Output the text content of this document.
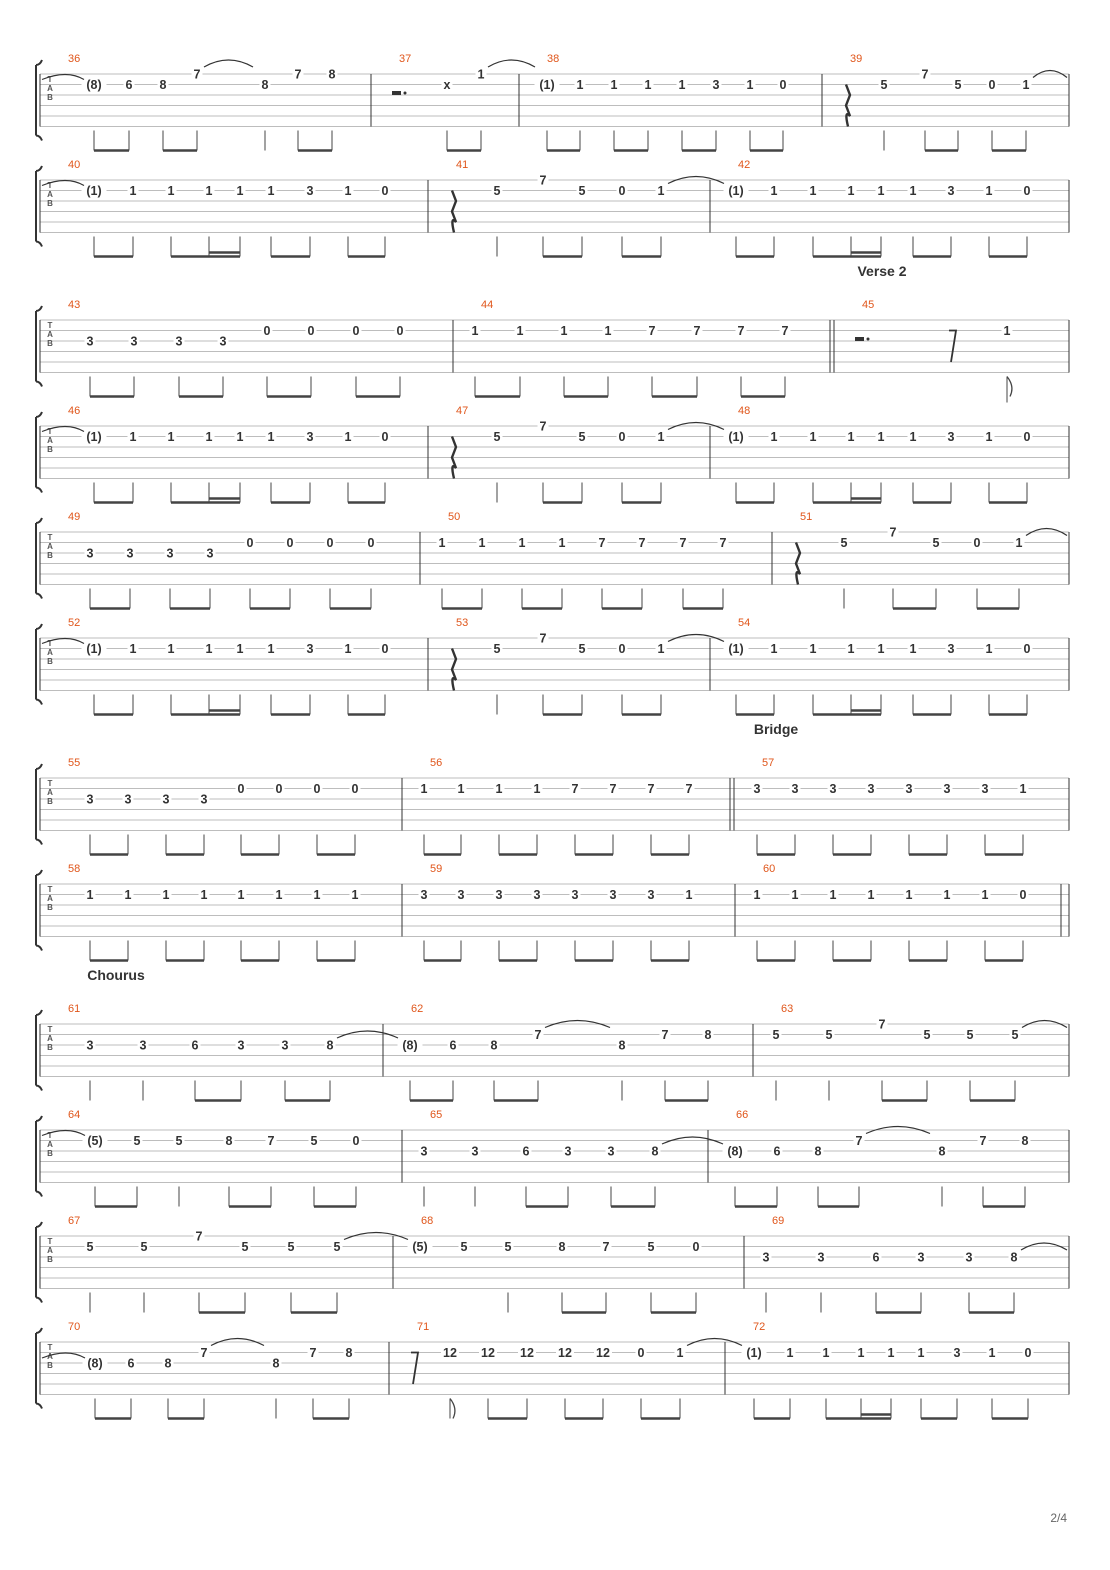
T
A
B
36
(8) 6 8
7
8
7 8
37
x
1
38
(1) 1 1 1 1 3 1 0
39
5
7
5 0 1
T
A
B
40
(1) 1 1 1 1 1	3 1 0
41
5
7
5	0	1
42
(1) 1	1 1 1 1 3 1 0
Verse 2
T
A
B
43
3	3	3	3
0	0	0	0
44
1	1	1	1	7	7	7	7
45
1
T
A
B
46
(1) 1 1 1 1 1	3 1 0
47
5
7
5	0	1
48
(1) 1	1 1 1 1 3 1 0
T
A
B
49
3	3	3	3
0	0	0	0
50
1	1	1	1	7	7	7	7
51
5
7
5	0	1
T
A
B
52
(1) 1 1 1 1 1	3 1 0
53
5
7
5	0	1
54
(1) 1	1 1 1 1 3 1 0
Bridge
T
A
B
55
3 3 3 3
0 0 0 0
56
1 1 1 1 7 7 7 7
57
3 3 3 3 3 3 3 1
T
A
B
58
1 1 1 1 1 1 1 1
59
3 3 3 3 3 3 3 1
60
1 1 1 1 1 1 1 0
Chourus
T
A
B
61
3	3	6	3	3	8
62
(8)	6	8
7
8
7	8
63
5	5
7
5	5	5
T
A
B
64
(5) 5	5	8	7	5	0
65
3	3	6	3	3	8
66
(8) 6	8
7
8
7	8
T
A
B
67
5	5
7
5	5	5
68
(5)	5	5	8	7	5	0
69
3	3	6	3	3	8
T
A
B
70
(8) 6 8
7
8
7 8
71
12 12 12 12 12 0	1
72
(1) 1 1 1 1 1 3 1 0
2/4
